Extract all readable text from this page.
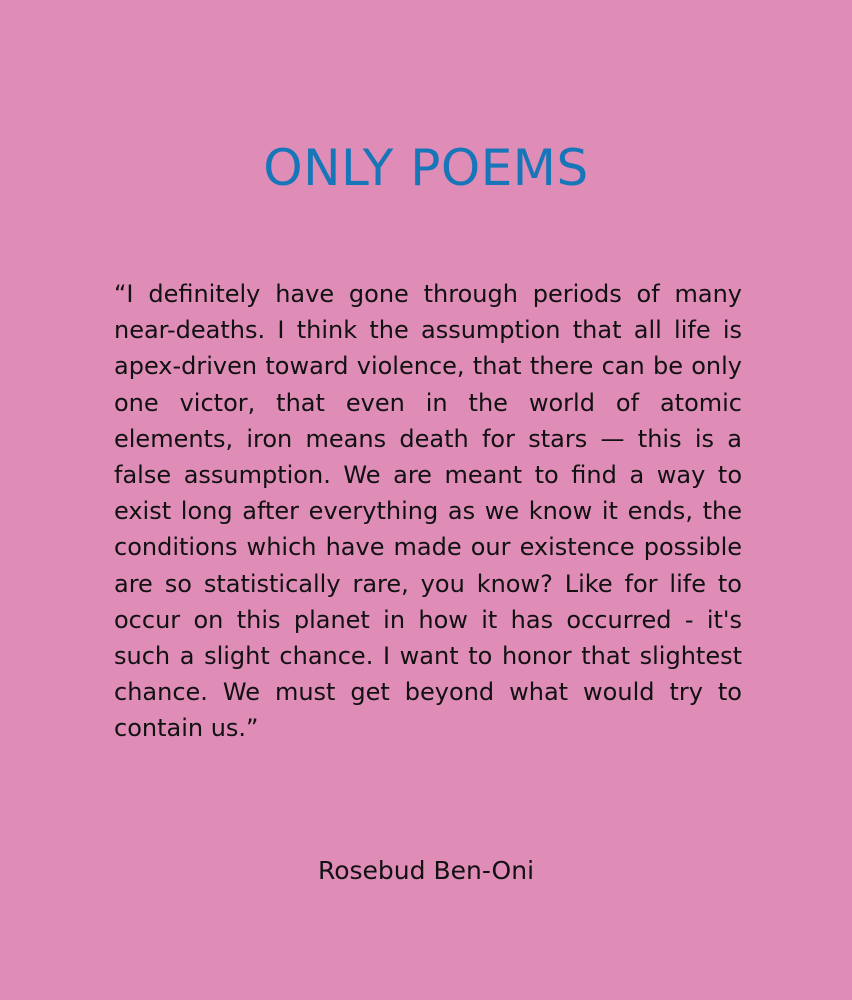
ONLY POEMS

“I definitely have gone through periods of many near-deaths. I think the assumption that all life is apex-driven toward violence, that there can be only one victor, that even in the world of atomic elements, iron means death for stars — this is a false assumption. We are meant to find a way to exist long after everything as we know it ends, the conditions which have made our existence possible are so statistically rare, you know? Like for life to occur on this planet in how it has occurred - it's such a slight chance. I want to honor that slightest chance. We must get beyond what would try to contain us.”

Rosebud Ben-Oni
